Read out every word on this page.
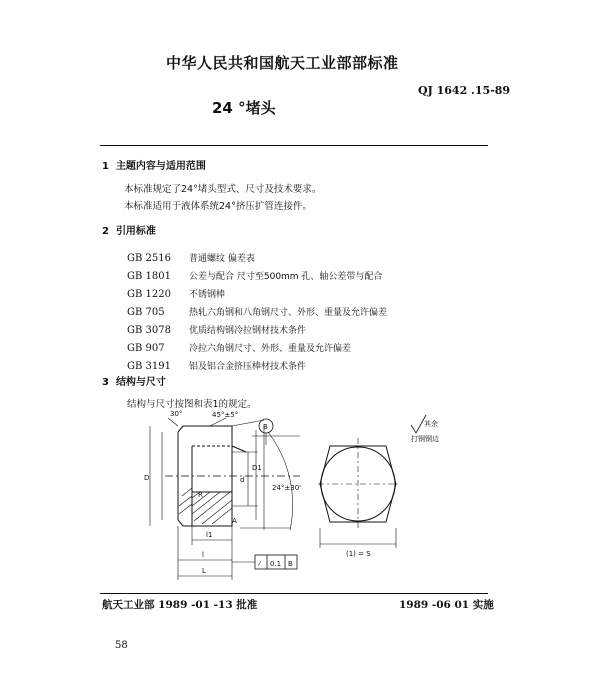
中华人民共和国航天工业部部标准
QJ 1642 .15-89
24 °堵头
1 主题内容与适用范围
本标准规定了24°堵头型式、尺寸及技术要求。
本标准适用于液体系统24°挤压扩管连接件。
2 引用标准
GB 2516 普通螺纹 偏差表
GB 1801 公差与配合 尺寸至500mm 孔、轴公差带与配合
GB 1220 不锈钢棒
GB 705	热轧六角钢和八角钢尺寸、外形、重量及允许偏差
GB 3078 优质结构钢冷拉钢材技术条件
GB 907	冷拉六角钢尺寸、外形、重量及允许偏差
GB 3191 铝及铝合金挤压棒材技术条件
3 结构与尺寸
结构与尺寸按图和表1的规定。
45°±5°
B
30°
24°±30'
d
D
D1
R
l1
l
L
A
⁄ 0.1 B
(1) = S
其余
打钢钢边
航天工业部 1989 -01 -13 批准	1989 -06 01 实施
58
